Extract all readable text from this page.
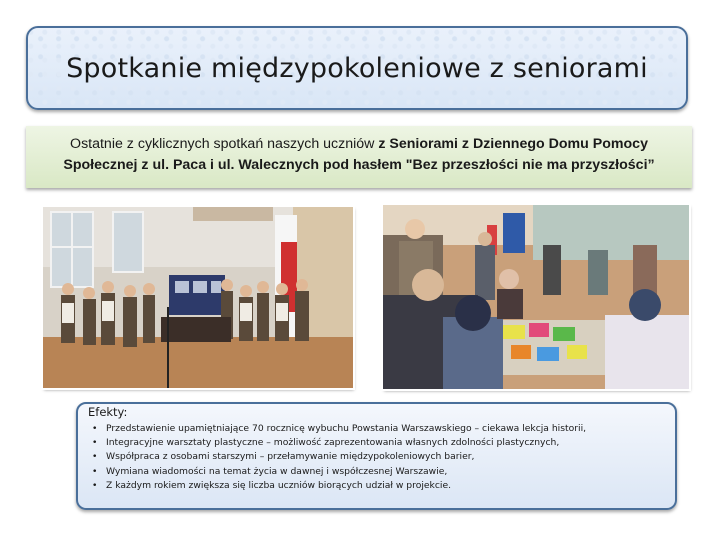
Spotkanie międzypokoleniowe z seniorami
Ostatnie z cyklicznych spotkań naszych uczniów z Seniorami z Dziennego Domu Pomocy Społecznej z ul. Paca i ul. Walecznych pod hasłem "Bez przeszłości nie ma przyszłości”
Efekty:
• Przedstawienie upamiętniające 70 rocznicę wybuchu Powstania Warszawskiego – ciekawa lekcja historii,
• Integracyjne warsztaty plastyczne – możliwość zaprezentowania własnych zdolności plastycznych,
• Współpraca z osobami starszymi – przełamywanie międzypokoleniowych barier,
• Wymiana wiadomości na temat życia w dawnej i współczesnej Warszawie,
• Z każdym rokiem zwiększa się liczba uczniów biorących udział w projekcie.
